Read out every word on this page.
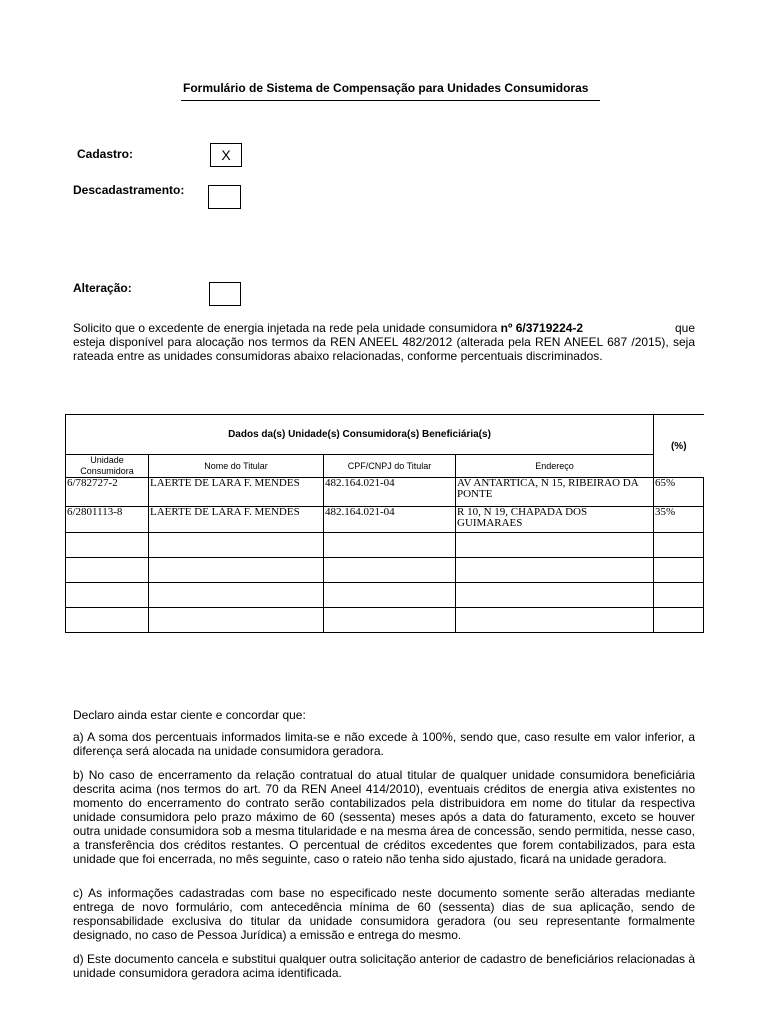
Formulário de Sistema de Compensação para Unidades Consumidoras
Cadastro:	X
Descadastramento:
Alteração:
Solicito que o excedente de energia injetada na rede pela unidade consumidora nº 6/3719224-2	que
esteja disponível para alocação nos termos da REN ANEEL 482/2012 (alterada pela REN ANEEL 687 /2015), seja rateada entre as unidades consumidoras abaixo relacionadas, conforme percentuais discriminados.
Dados da(s) Unidade(s) Consumidora(s) Beneficiária(s)				(%)
Unidade Consumidora	Nome do Titular	CPF/CNPJ do Titular	Endereço	
6/782727-2	LAERTE DE LARA F. MENDES	482.164.021-04	AV ANTARTICA, N 15, RIBEIRAO DA PONTE	65%
6/2801113-8	LAERTE DE LARA F. MENDES	482.164.021-04	R 10, N 19, CHAPADA DOS GUIMARAES	35%

Declaro ainda estar ciente e concordar que:
a) A soma dos percentuais informados limita-se e não excede à 100%, sendo que, caso resulte em valor inferior, a diferença será alocada na unidade consumidora geradora.
b) No caso de encerramento da relação contratual do atual titular de qualquer unidade consumidora beneficiária descrita acima (nos termos do art. 70 da REN Aneel 414/2010), eventuais créditos de energia ativa existentes no momento do encerramento do contrato serão contabilizados pela distribuidora em nome do titular da respectiva unidade consumidora pelo prazo máximo de 60 (sessenta) meses após a data do faturamento, exceto se houver outra unidade consumidora sob a mesma titularidade e na mesma área de concessão, sendo permitida, nesse caso, a transferência dos créditos restantes. O percentual de créditos excedentes que forem contabilizados, para esta unidade que foi encerrada, no mês seguinte, caso o rateio não tenha sido ajustado, ficará na unidade geradora.
c) As informações cadastradas com base no especificado neste documento somente serão alteradas mediante entrega de novo formulário, com antecedência mínima de 60 (sessenta) dias de sua aplicação, sendo de responsabilidade exclusiva do titular da unidade consumidora geradora (ou seu representante formalmente designado, no caso de Pessoa Jurídica) a emissão e entrega do mesmo.
d) Este documento cancela e substitui qualquer outra solicitação anterior de cadastro de beneficiários relacionadas à unidade consumidora geradora acima identificada.
